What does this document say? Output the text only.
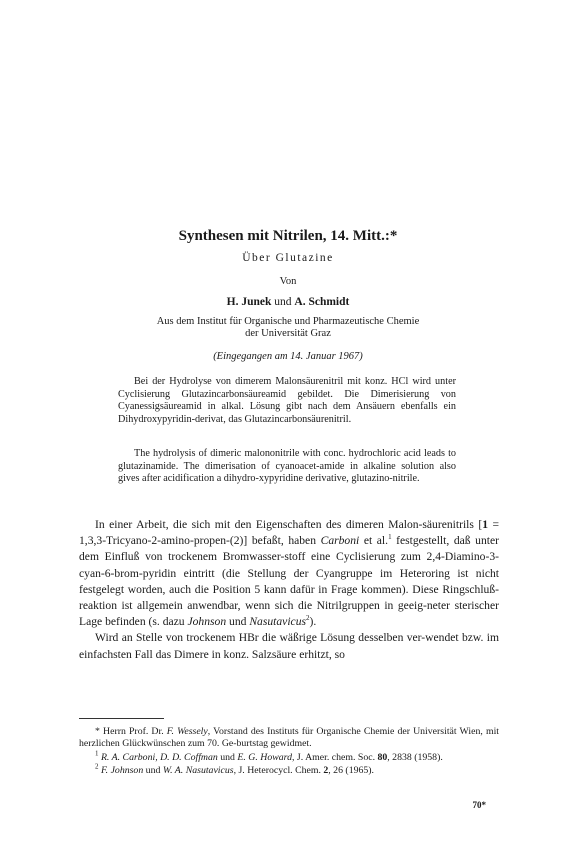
Synthesen mit Nitrilen, 14. Mitt.:*
Über Glutazine
Von
H. Junek und A. Schmidt
Aus dem Institut für Organische und Pharmazeutische Chemie
der Universität Graz
(Eingegangen am 14. Januar 1967)

Bei der Hydrolyse von dimerem Malonsäurenitril mit konz. HCl wird unter Cyclisierung Glutazincarbonsäureamid gebildet. Die Dimerisierung von Cyanessigsäureamid in alkal. Lösung gibt nach dem Ansäuern ebenfalls ein Dihydroxypyridin-derivat, das Glutazincarbonsäurenitril.

The hydrolysis of dimeric malononitrile with conc. hydrochloric acid leads to glutazinamide. The dimerisation of cyanoacet-amide in alkaline solution also gives after acidification a dihydro-xypyridine derivative, glutazino-nitrile.

In einer Arbeit, die sich mit den Eigenschaften des dimeren Malon-säurenitrils [1 = 1,3,3-Tricyano-2-amino-propen-(2)] befaßt, haben Carboni et al.$^1$ festgestellt, daß unter dem Einfluß von trockenem Bromwasser-stoff eine Cyclisierung zum 2,4-Diamino-3-cyan-6-brom-pyridin eintritt (die Stellung der Cyangruppe im Heteroring ist nicht festgelegt worden, auch die Position 5 kann dafür in Frage kommen). Diese Ringschluß-reaktion ist allgemein anwendbar, wenn sich die Nitrilgruppen in geeig-neter sterischer Lage befinden (s. dazu Johnson und Nasutavicus$^2$).

Wird an Stelle von trockenem HBr die wäßrige Lösung desselben ver-wendet bzw. im einfachsten Fall das Dimere in konz. Salzsäure erhitzt, so

* Herrn Prof. Dr. F. Wessely, Vorstand des Instituts für Organische Chemie der Universität Wien, mit herzlichen Glückwünschen zum 70. Ge-burtstag gewidmet.

$^1$ R. A. Carboni, D. D. Coffman und E. G. Howard, J. Amer. chem. Soc. 80, 2838 (1958).

$^2$ F. Johnson und W. A. Nasutavicus, J. Heterocycl. Chem. 2, 26 (1965).

70*
